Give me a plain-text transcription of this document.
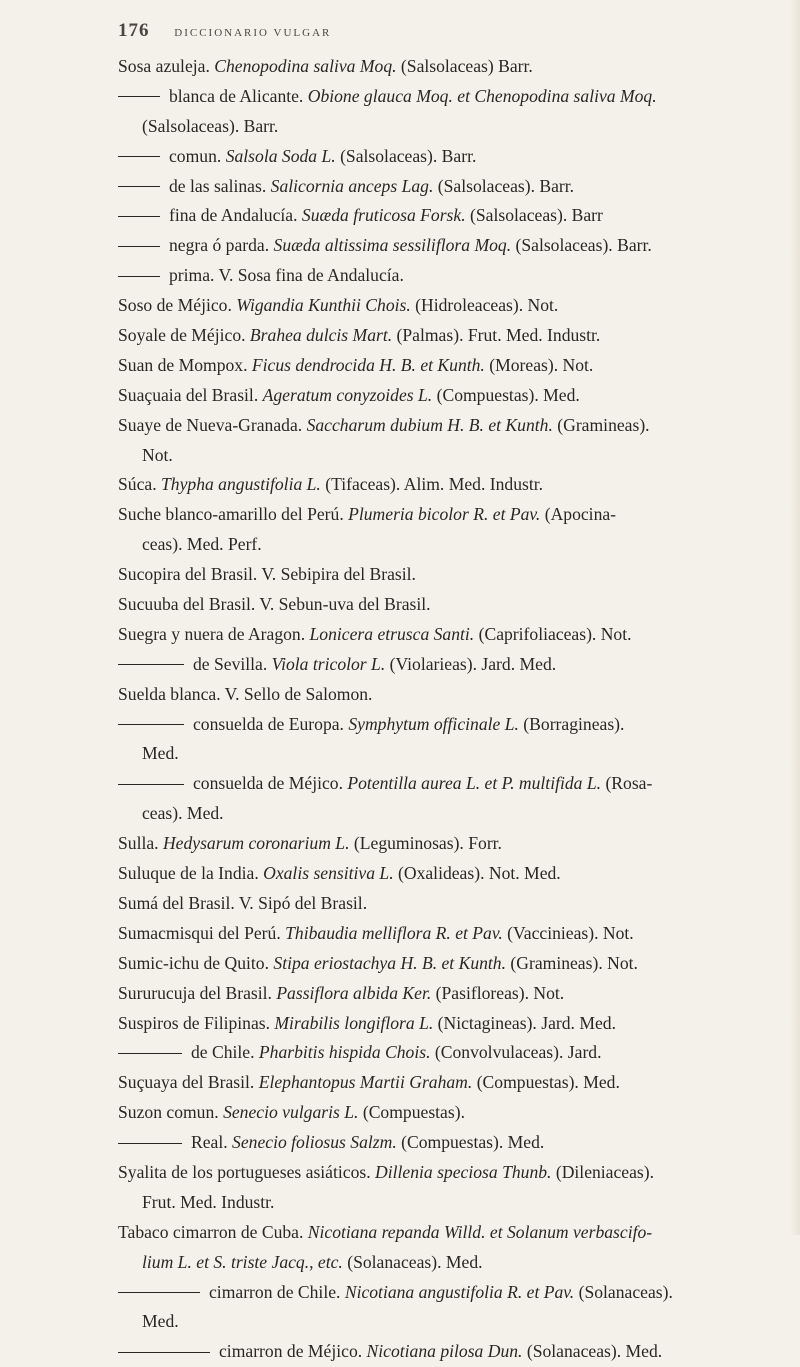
176 DICCIONARIO VULGAR
Sosa azuleja. Chenopodina saliva Moq. (Salsolaceas) Barr.
blanca de Alicante. Obione glauca Moq. et Chenopodina saliva Moq.
(Salsolaceas). Barr.
comun. Salsola Soda L. (Salsolaceas). Barr.
de las salinas. Salicornia anceps Lag. (Salsolaceas). Barr.
fina de Andalucía. Suæda fruticosa Forsk. (Salsolaceas). Barr
negra ó parda. Suæda altissima sessiliflora Moq. (Salsolaceas). Barr.
prima. V. Sosa fina de Andalucía.
Soso de Méjico. Wigandia Kunthii Chois. (Hidroleaceas). Not.
Soyale de Méjico. Brahea dulcis Mart. (Palmas). Frut. Med. Industr.
Suan de Mompox. Ficus dendrocida H. B. et Kunth. (Moreas). Not.
Suaçuaia del Brasil. Ageratum conyzoides L. (Compuestas). Med.
Suaye de Nueva-Granada. Saccharum dubium H. B. et Kunth. (Gramineas).
Not.
Súca. Thypha angustifolia L. (Tifaceas). Alim. Med. Industr.
Suche blanco-amarillo del Perú. Plumeria bicolor R. et Pav. (Apocina-
ceas). Med. Perf.
Sucopira del Brasil. V. Sebipira del Brasil.
Sucuuba del Brasil. V. Sebun-uva del Brasil.
Suegra y nuera de Aragon. Lonicera etrusca Santi. (Caprifoliaceas). Not.
de Sevilla. Viola tricolor L. (Violarieas). Jard. Med.
Suelda blanca. V. Sello de Salomon.
consuelda de Europa. Symphytum officinale L. (Borragineas).
Med.
consuelda de Méjico. Potentilla aurea L. et P. multifida L. (Rosa-
ceas). Med.
Sulla. Hedysarum coronarium L. (Leguminosas). Forr.
Suluque de la India. Oxalis sensitiva L. (Oxalideas). Not. Med.
Sumá del Brasil. V. Sipó del Brasil.
Sumacmisqui del Perú. Thibaudia melliflora R. et Pav. (Vaccinieas). Not.
Sumic-ichu de Quito. Stipa eriostachya H. B. et Kunth. (Gramineas). Not.
Sururucuja del Brasil. Passiflora albida Ker. (Pasifloreas). Not.
Suspiros de Filipinas. Mirabilis longiflora L. (Nictagineas). Jard. Med.
de Chile. Pharbitis hispida Chois. (Convolvulaceas). Jard.
Suçuaya del Brasil. Elephantopus Martii Graham. (Compuestas). Med.
Suzon comun. Senecio vulgaris L. (Compuestas).
Real. Senecio foliosus Salzm. (Compuestas). Med.
Syalita de los portugueses asiáticos. Dillenia speciosa Thunb. (Dileniaceas).
Frut. Med. Industr.
Tabaco cimarron de Cuba. Nicotiana repanda Willd. et Solanum verbascifo-
lium L. et S. triste Jacq., etc. (Solanaceas). Med.
cimarron de Chile. Nicotiana angustifolia R. et Pav. (Solanaceas).
Med.
cimarron de Méjico. Nicotiana pilosa Dun. (Solanaceas). Med.
